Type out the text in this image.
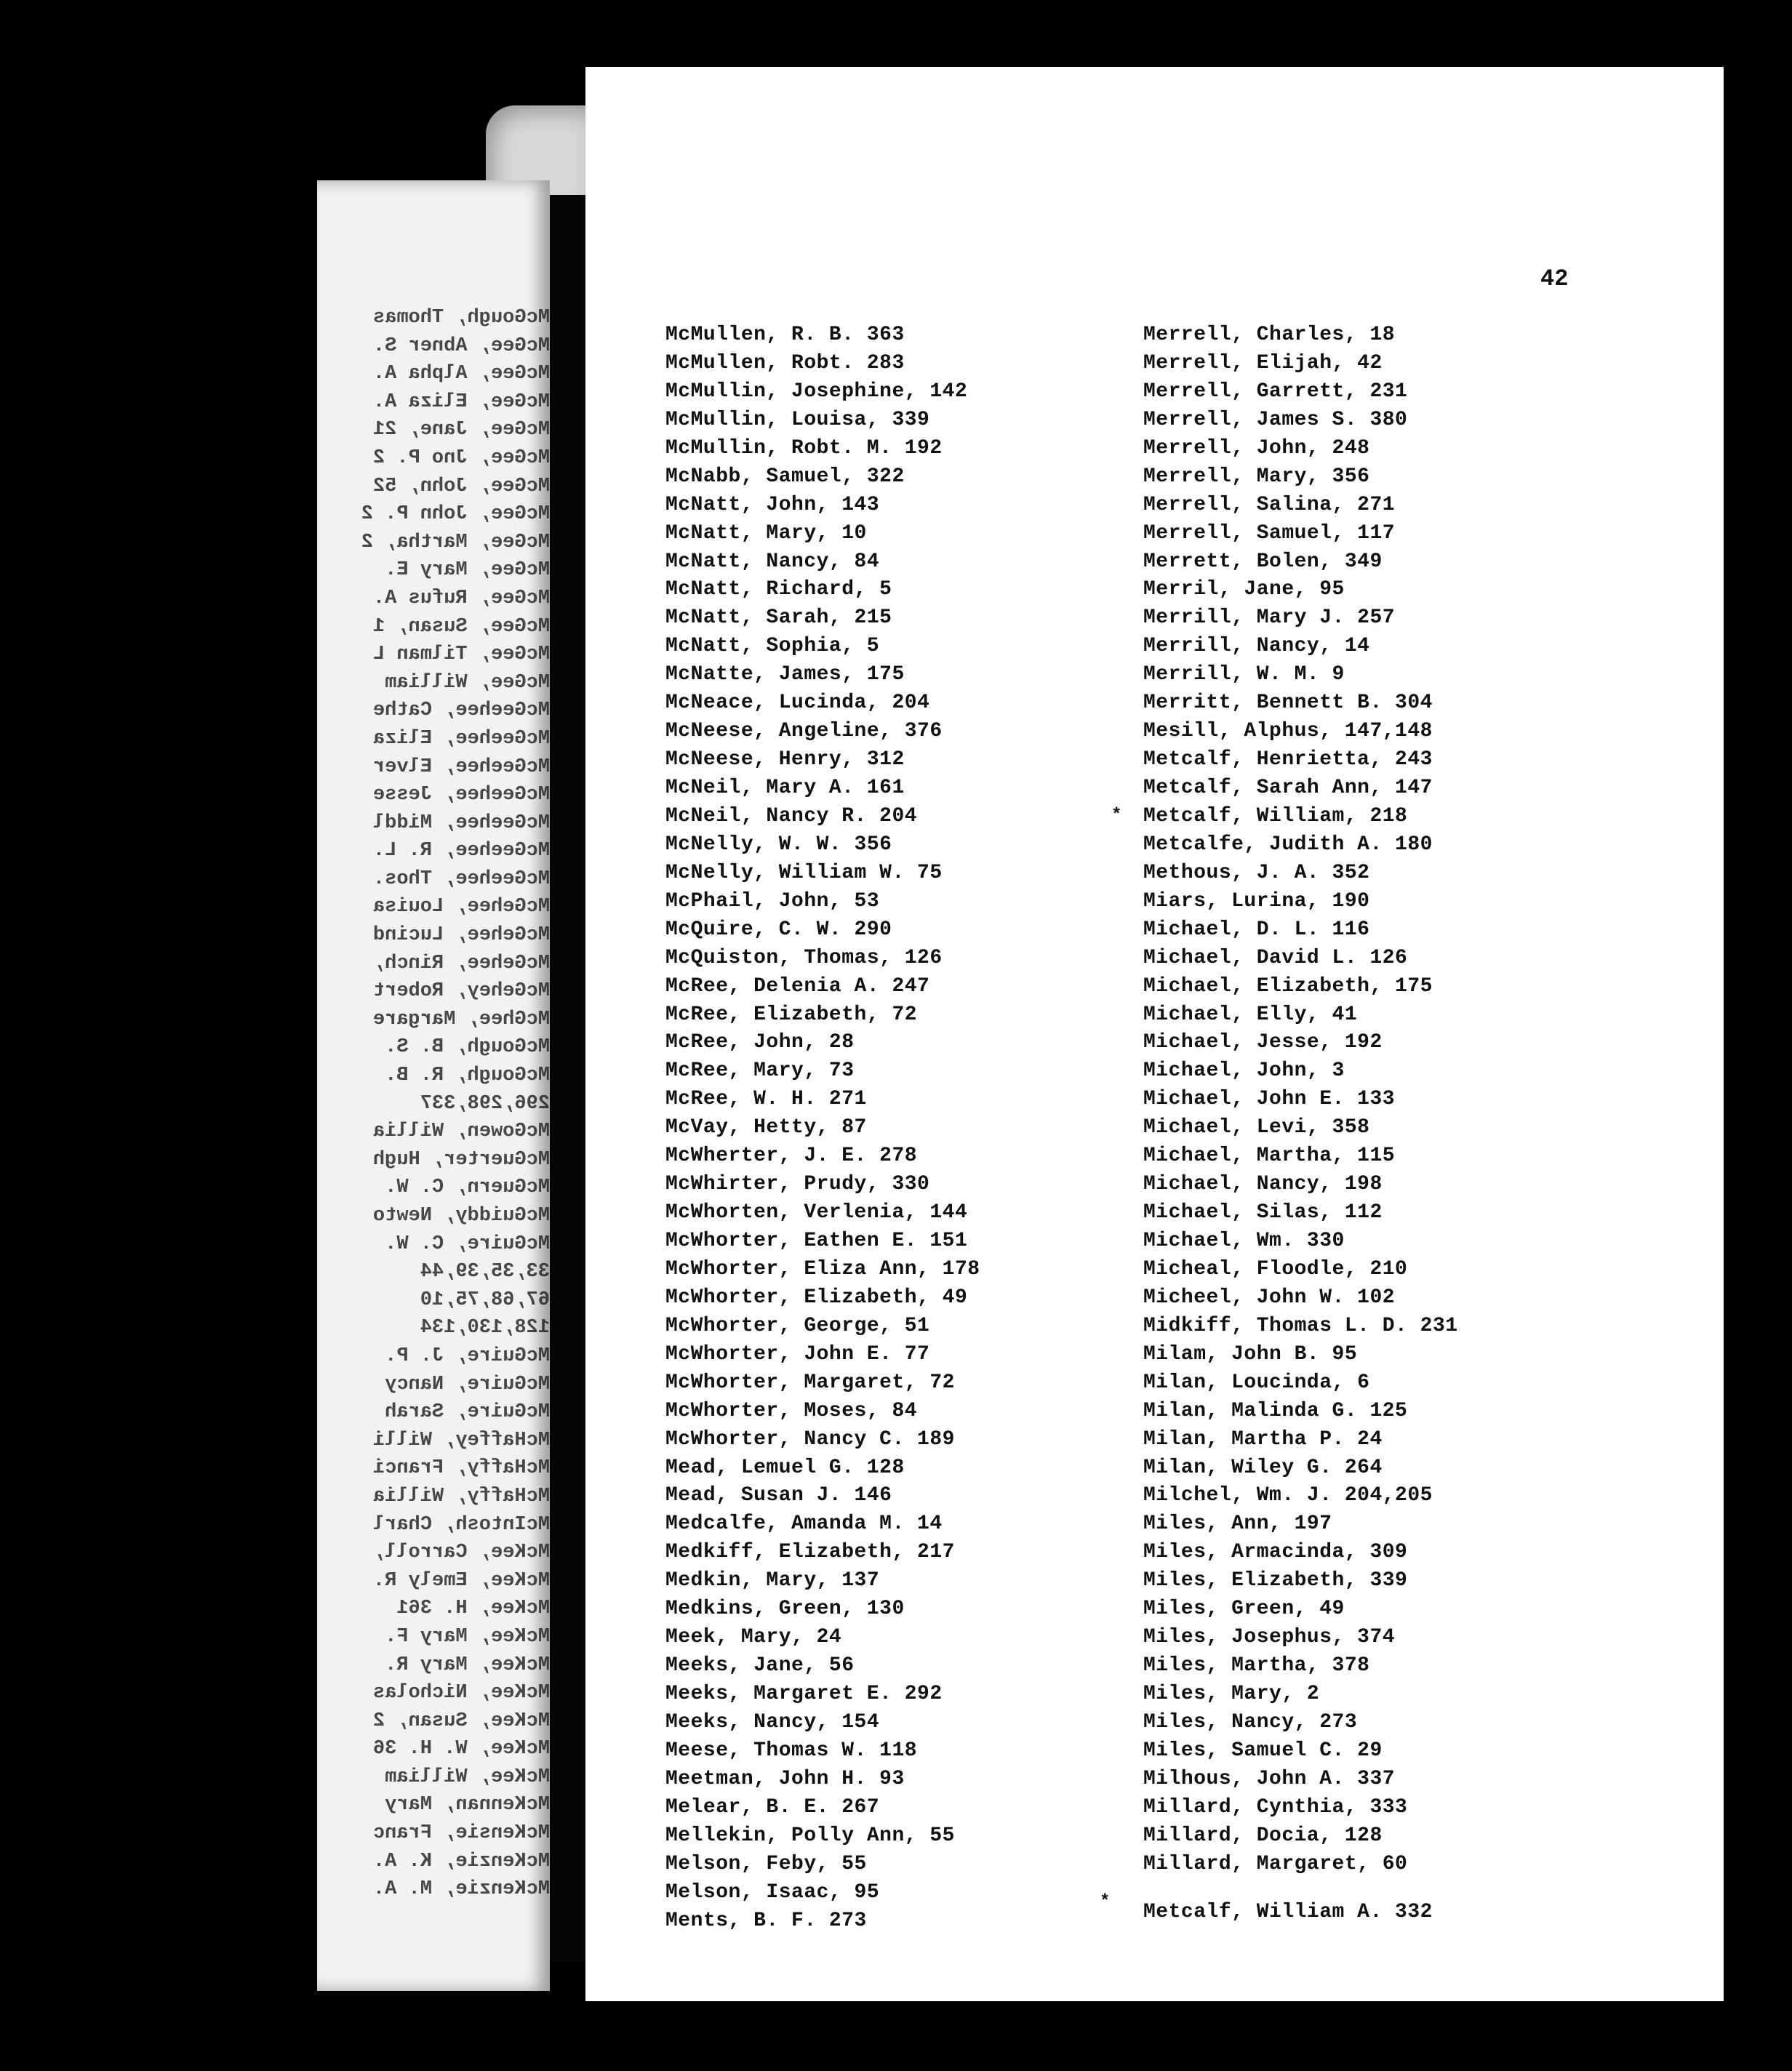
McGough, Thomas
McGee, Abner S.
McGee, Alpha A.
McGee, Eliza A.
McGee, Jane, 21
McGee, Jno P. 2
McGee, John, 52
McGee, John P. 2
McGee, Martha, 2
McGee, Mary E.
McGee, Rufus A.
McGee, Susan, 1
McGee, Tilman L
McGee, William
McGeehee, Cathe
McGeehee, Eliza
McGeehee, Elver
McGeehee, Jesse
McGeehee, Middl
McGeehee, R. L.
McGeehee, Thos.
McGehee, Louisa
McGehee, Lucind
McGehee, Rinch,
McGehey, Robert
McGhee, Margare
McGough, B. S.
McGough, R. B.
296,298,337
McGowen, Willia
McGuerter, Hugh
McGuern, C. W.
McGuiddy, Newto
McGuire, C. W.
33,35,39,44
67,68,75,10
128,130,134
McGuire, J. P.
McGuire, Nancy
McGuire, Sarah
McHaffey, Willi
McHaffy, Franci
McHaffy, Willia
McIntosh, Charl
McKee, Carroll,
McKee, Emely R.
McKee, H. 361
McKee, Mary F.
McKee, Mary R.
McKee, Nicholas
McKee, Susan, 2
McKee, W. H. 36
McKee, William
McKennan, Mary
McKensie, Franc
McKenzie, K. A.
McKenzie, M. A.
42
McMullen, R. B. 363
McMullen, Robt. 283
McMullin, Josephine, 142
McMullin, Louisa, 339
McMullin, Robt. M. 192
McNabb, Samuel, 322
McNatt, John, 143
McNatt, Mary, 10
McNatt, Nancy, 84
McNatt, Richard, 5
McNatt, Sarah, 215
McNatt, Sophia, 5
McNatte, James, 175
McNeace, Lucinda, 204
McNeese, Angeline, 376
McNeese, Henry, 312
McNeil, Mary A. 161
McNeil, Nancy R. 204
McNelly, W. W. 356
McNelly, William W. 75
McPhail, John, 53
McQuire, C. W. 290
McQuiston, Thomas, 126
McRee, Delenia A. 247
McRee, Elizabeth, 72
McRee, John, 28
McRee, Mary, 73
McRee, W. H. 271
McVay, Hetty, 87
McWherter, J. E. 278
McWhirter, Prudy, 330
McWhorten, Verlenia, 144
McWhorter, Eathen E. 151
McWhorter, Eliza Ann, 178
McWhorter, Elizabeth, 49
McWhorter, George, 51
McWhorter, John E. 77
McWhorter, Margaret, 72
McWhorter, Moses, 84
McWhorter, Nancy C. 189
Mead, Lemuel G. 128
Mead, Susan J. 146
Medcalfe, Amanda M. 14
Medkiff, Elizabeth, 217
Medkin, Mary, 137
Medkins, Green, 130
Meek, Mary, 24
Meeks, Jane, 56
Meeks, Margaret E. 292
Meeks, Nancy, 154
Meese, Thomas W. 118
Meetman, John H. 93
Melear, B. E. 267
Mellekin, Polly Ann, 55
Melson, Feby, 55
Melson, Isaac, 95
Ments, B. F. 273
Merrell, Charles, 18
Merrell, Elijah, 42
Merrell, Garrett, 231
Merrell, James S. 380
Merrell, John, 248
Merrell, Mary, 356
Merrell, Salina, 271
Merrell, Samuel, 117
Merrett, Bolen, 349
Merril, Jane, 95
Merrill, Mary J. 257
Merrill, Nancy, 14
Merrill, W. M. 9
Merritt, Bennett B. 304
Mesill, Alphus, 147,148
Metcalf, Henrietta, 243
Metcalf, Sarah Ann, 147
Metcalf, William, 218
Metcalfe, Judith A. 180
Methous, J. A. 352
Miars, Lurina, 190
Michael, D. L. 116
Michael, David L. 126
Michael, Elizabeth, 175
Michael, Elly, 41
Michael, Jesse, 192
Michael, John, 3
Michael, John E. 133
Michael, Levi, 358
Michael, Martha, 115
Michael, Nancy, 198
Michael, Silas, 112
Michael, Wm. 330
Micheal, Floodle, 210
Micheel, John W. 102
Midkiff, Thomas L. D. 231
Milam, John B. 95
Milan, Loucinda, 6
Milan, Malinda G. 125
Milan, Martha P. 24
Milan, Wiley G. 264
Milchel, Wm. J. 204,205
Miles, Ann, 197
Miles, Armacinda, 309
Miles, Elizabeth, 339
Miles, Green, 49
Miles, Josephus, 374
Miles, Martha, 378
Miles, Mary, 2
Miles, Nancy, 273
Miles, Samuel C. 29
Milhous, John A. 337
Millard, Cynthia, 333
Millard, Docia, 128
Millard, Margaret, 60
Metcalf, William A. 332
*
*
